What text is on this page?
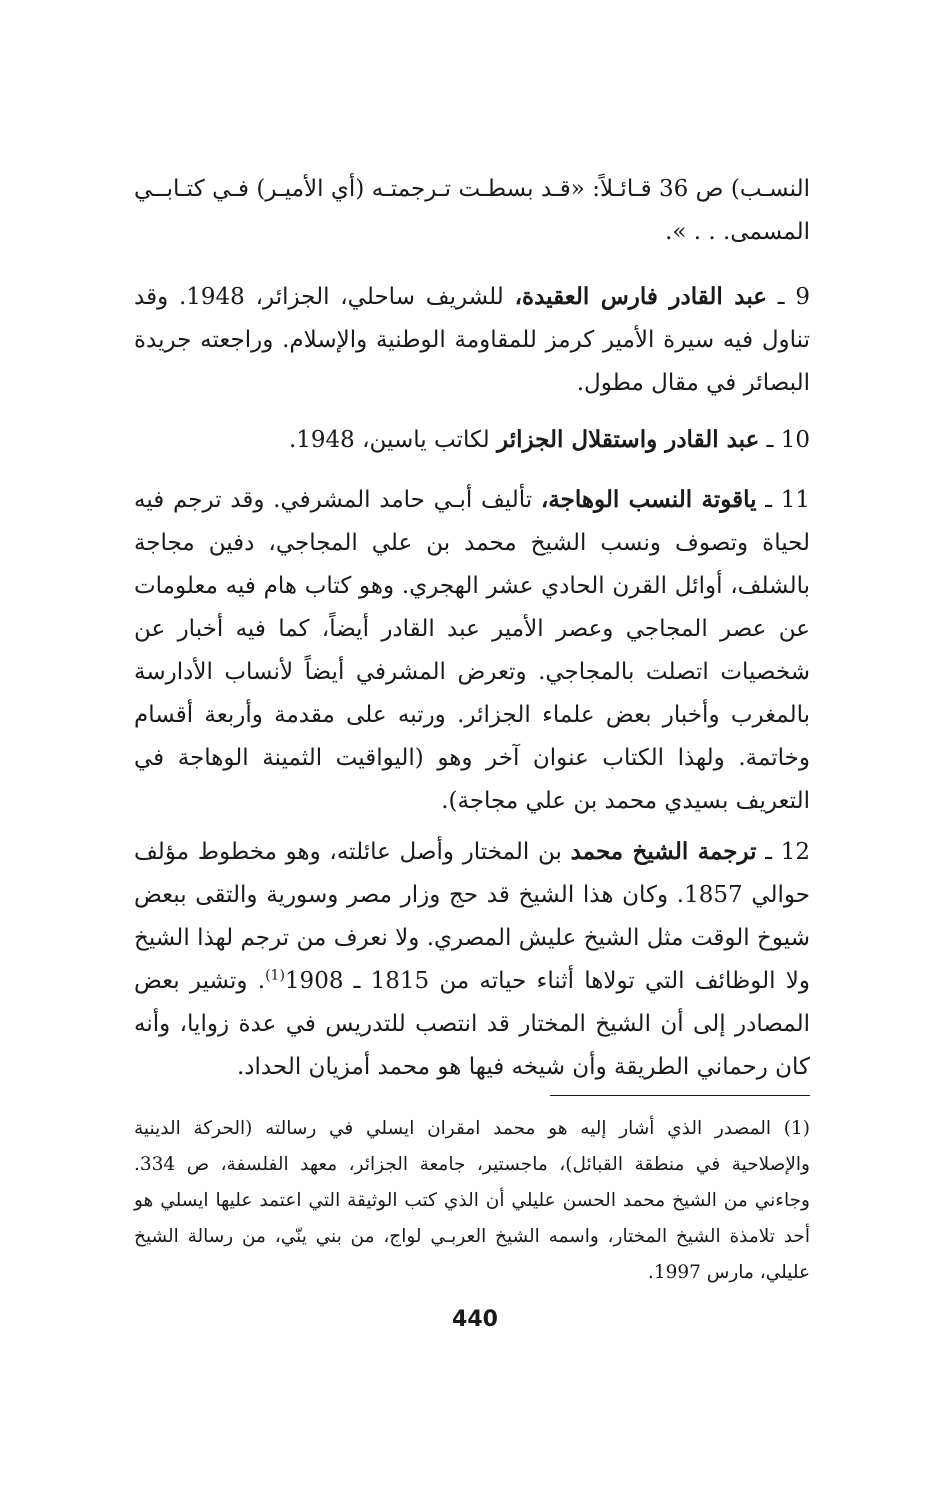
النسـب) ص 36 قـائـلاً: «قـد بسطـت تـرجمتـه (أي الأميـر) فـي كتـابــي المسمى. . . ».

9 ـ عبد القادر فارس العقيدة، للشريف ساحلي، الجزائر، 1948. وقد تناول فيه سيرة الأمير كرمز للمقاومة الوطنية والإسلام. وراجعته جريدة البصائر في مقال مطول.

10 ـ عبد القادر واستقلال الجزائر لكاتب ياسين، 1948.

11 ـ ياقوتة النسب الوهاجة، تأليف أبـي حامد المشرفي. وقد ترجم فيه لحياة وتصوف ونسب الشيخ محمد بن علي المجاجي، دفين مجاجة بالشلف، أوائل القرن الحادي عشر الهجري. وهو كتاب هام فيه معلومات عن عصر المجاجي وعصر الأمير عبد القادر أيضاً، كما فيه أخبار عن شخصيات اتصلت بالمجاجي. وتعرض المشرفي أيضاً لأنساب الأدارسة بالمغرب وأخبار بعض علماء الجزائر. ورتبه على مقدمة وأربعة أقسام وخاتمة. ولهذا الكتاب عنوان آخر وهو (اليواقيت الثمينة الوهاجة في التعريف بسيدي محمد بن علي مجاجة).

12 ـ ترجمة الشيخ محمد بن المختار وأصل عائلته، وهو مخطوط مؤلف حوالي 1857. وكان هذا الشيخ قد حج وزار مصر وسورية والتقى ببعض شيوخ الوقت مثل الشيخ عليش المصري. ولا نعرف من ترجم لهذا الشيخ ولا الوظائف التي تولاها أثناء حياته من 1815 ـ 1908$^{(1)}$. وتشير بعض المصادر إلى أن الشيخ المختار قد انتصب للتدريس في عدة زوايا، وأنه كان رحماني الطريقة وأن شيخه فيها هو محمد أمزيان الحداد.

(1) المصدر الذي أشار إليه هو محمد امقران ايسلي في رسالته (الحركة الدينية والإصلاحية في منطقة القبائل)، ماجستير، جامعة الجزائر، معهد الفلسفة، ص 334. وجاءني من الشيخ محمد الحسن عليلي أن الذي كتب الوثيقة التي اعتمد عليها ايسلي هو أحد تلامذة الشيخ المختار، واسمه الشيخ العربـي لواج، من بني ينّي، من رسالة الشيخ عليلي، مارس 1997.

440
